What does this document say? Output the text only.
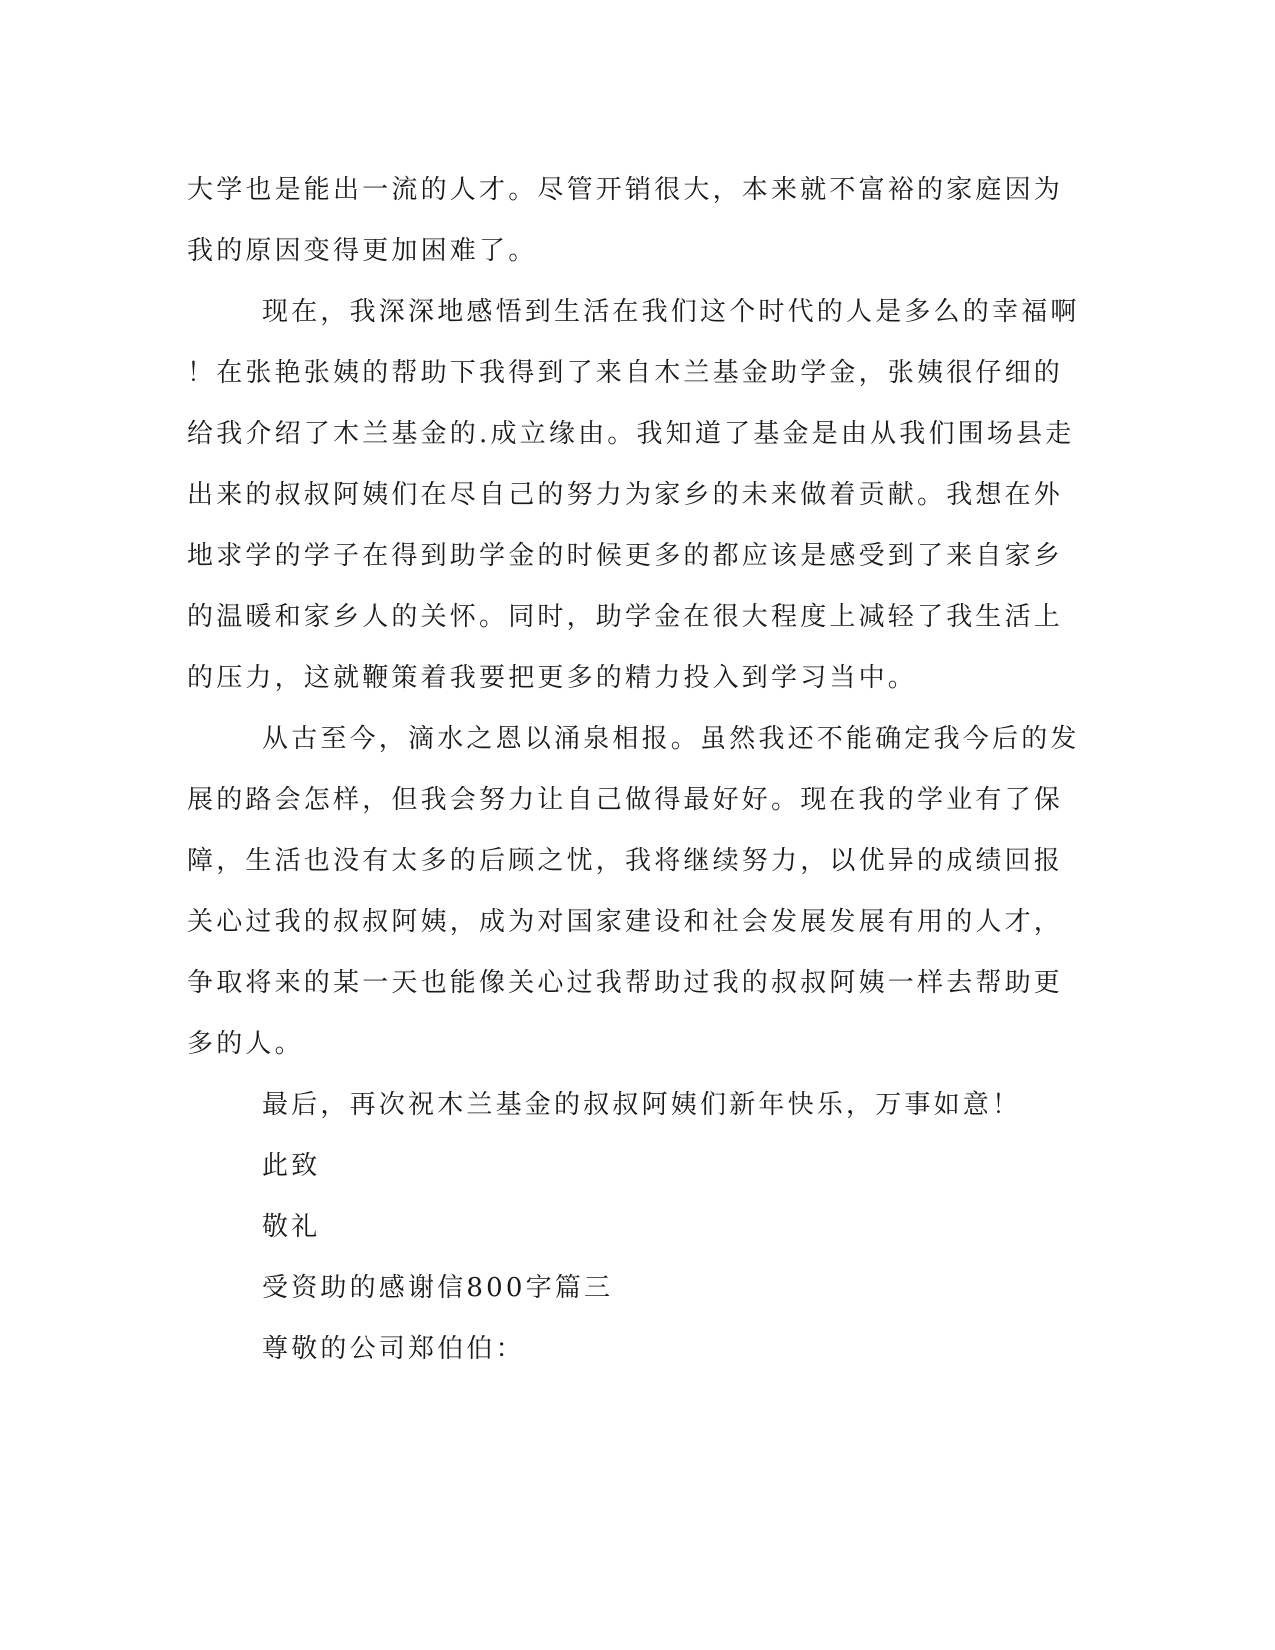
大学也是能出一流的人才。尽管开销很大，本来就不富裕的家庭因为
我的原因变得更加困难了。
现在，我深深地感悟到生活在我们这个时代的人是多么的幸福啊
！在张艳张姨的帮助下我得到了来自木兰基金助学金，张姨很仔细的
给我介绍了木兰基金的.成立缘由。我知道了基金是由从我们围场县走
出来的叔叔阿姨们在尽自己的努力为家乡的未来做着贡献。我想在外
地求学的学子在得到助学金的时候更多的都应该是感受到了来自家乡
的温暖和家乡人的关怀。同时，助学金在很大程度上减轻了我生活上
的压力，这就鞭策着我要把更多的精力投入到学习当中。
从古至今，滴水之恩以涌泉相报。虽然我还不能确定我今后的发
展的路会怎样，但我会努力让自己做得最好好。现在我的学业有了保
障，生活也没有太多的后顾之忧，我将继续努力，以优异的成绩回报
关心过我的叔叔阿姨，成为对国家建设和社会发展发展有用的人才，
争取将来的某一天也能像关心过我帮助过我的叔叔阿姨一样去帮助更
多的人。
最后，再次祝木兰基金的叔叔阿姨们新年快乐，万事如意！
此致
敬礼
受资助的感谢信800字篇三
尊敬的公司郑伯伯：
